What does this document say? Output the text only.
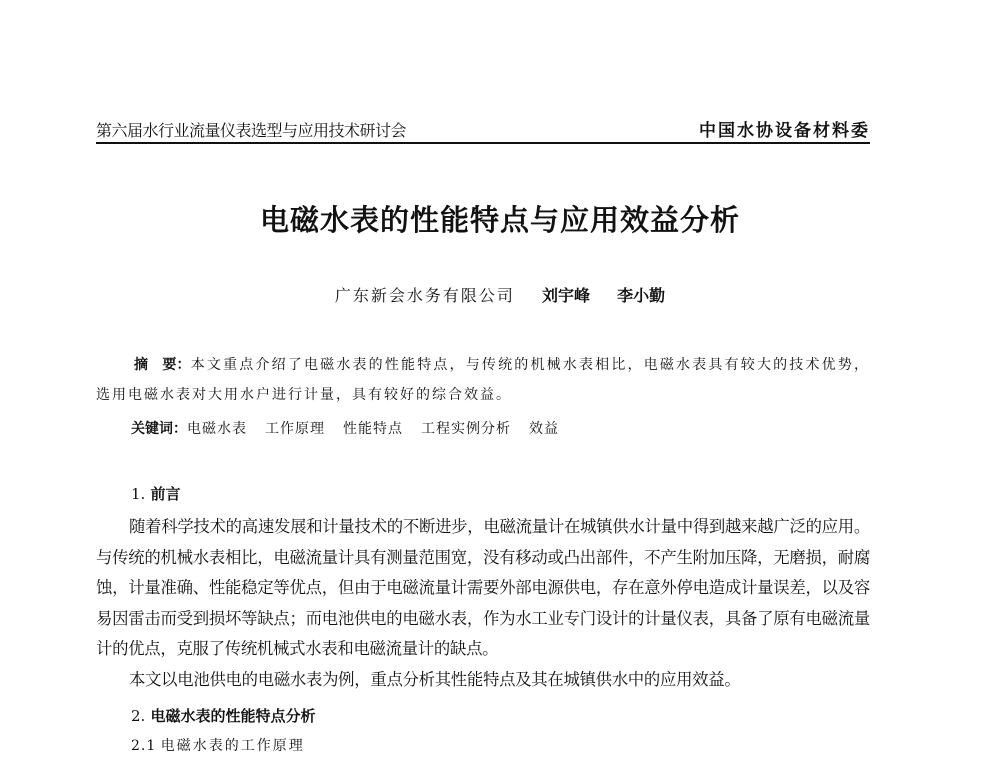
第六届水行业流量仪表选型与应用技术研讨会	中国水协设备材料委
电磁水表的性能特点与应用效益分析
广东新会水务有限公司 刘宇峰 李小勤
摘　要：本文重点介绍了电磁水表的性能特点，与传统的机械水表相比，电磁水表具有较大的技术优势，选用电磁水表对大用水户进行计量，具有较好的综合效益。
关键词：电磁水表 工作原理 性能特点 工程实例分析 效益
1. 前言

随着科学技术的高速发展和计量技术的不断进步，电磁流量计在城镇供水计量中得到越来越广泛的应用。与传统的机械水表相比，电磁流量计具有测量范围宽，没有移动或凸出部件，不产生附加压降，无磨损，耐腐蚀，计量准确、性能稳定等优点，但由于电磁流量计需要外部电源供电，存在意外停电造成计量误差，以及容易因雷击而受到损坏等缺点；而电池供电的电磁水表，作为水工业专门设计的计量仪表，具备了原有电磁流量计的优点，克服了传统机械式水表和电磁流量计的缺点。

本文以电池供电的电磁水表为例，重点分析其性能特点及其在城镇供水中的应用效益。

2. 电磁水表的性能特点分析
2.1 电磁水表的工作原理
